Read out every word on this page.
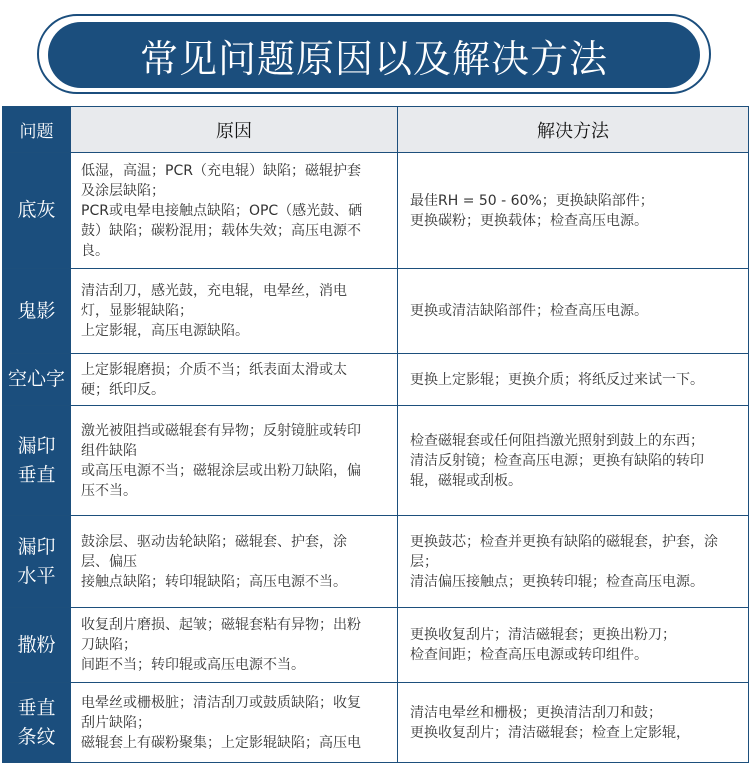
常见问题原因以及解决方法
问题	原因	解决方法
底灰	低湿，高温；PCR（充电辊）缺陷；磁辊护套
及涂层缺陷；
PCR或电晕电接触点缺陷；OPC（感光鼓、硒
鼓）缺陷；碳粉混用；载体失效；高压电源不
良。	最佳RH = 50 - 60%；更换缺陷部件；
更换碳粉；更换载体；检查高压电源。

鬼影	清洁刮刀，感光鼓，充电辊，电晕丝，消电
灯，显影辊缺陷；
上定影辊，高压电源缺陷。	更换或清洁缺陷部件；检查高压电源。

空心字	上定影辊磨损；介质不当；纸表面太滑或太
硬；纸印反。	更换上定影辊；更换介质；将纸反过来试一下。

漏印
垂直	激光被阻挡或磁辊套有异物；反射镜脏或转印
组件缺陷
或高压电源不当；磁辊涂层或出粉刀缺陷，偏
压不当。	检查磁辊套或任何阻挡激光照射到鼓上的东西；
清洁反射镜；检查高压电源；更换有缺陷的转印
辊，磁辊或刮板。

漏印
水平	鼓涂层、驱动齿轮缺陷；磁辊套、护套，涂
层、偏压
接触点缺陷；转印辊缺陷；高压电源不当。	更换鼓芯；检查并更换有缺陷的磁辊套，护套，涂
层；
清洁偏压接触点；更换转印辊；检查高压电源。

撒粉	收复刮片磨损、起皱；磁辊套粘有异物；出粉
刀缺陷；
间距不当；转印辊或高压电源不当。	更换收复刮片；清洁磁辊套；更换出粉刀；
检查间距；检查高压电源或转印组件。

垂直
条纹	电晕丝或栅极脏；清洁刮刀或鼓质缺陷；收复
刮片缺陷；
磁辊套上有碳粉聚集；上定影辊缺陷；高压电	清洁电晕丝和栅极；更换清洁刮刀和鼓；
更换收复刮片；清洁磁辊套；检查上定影辊，
